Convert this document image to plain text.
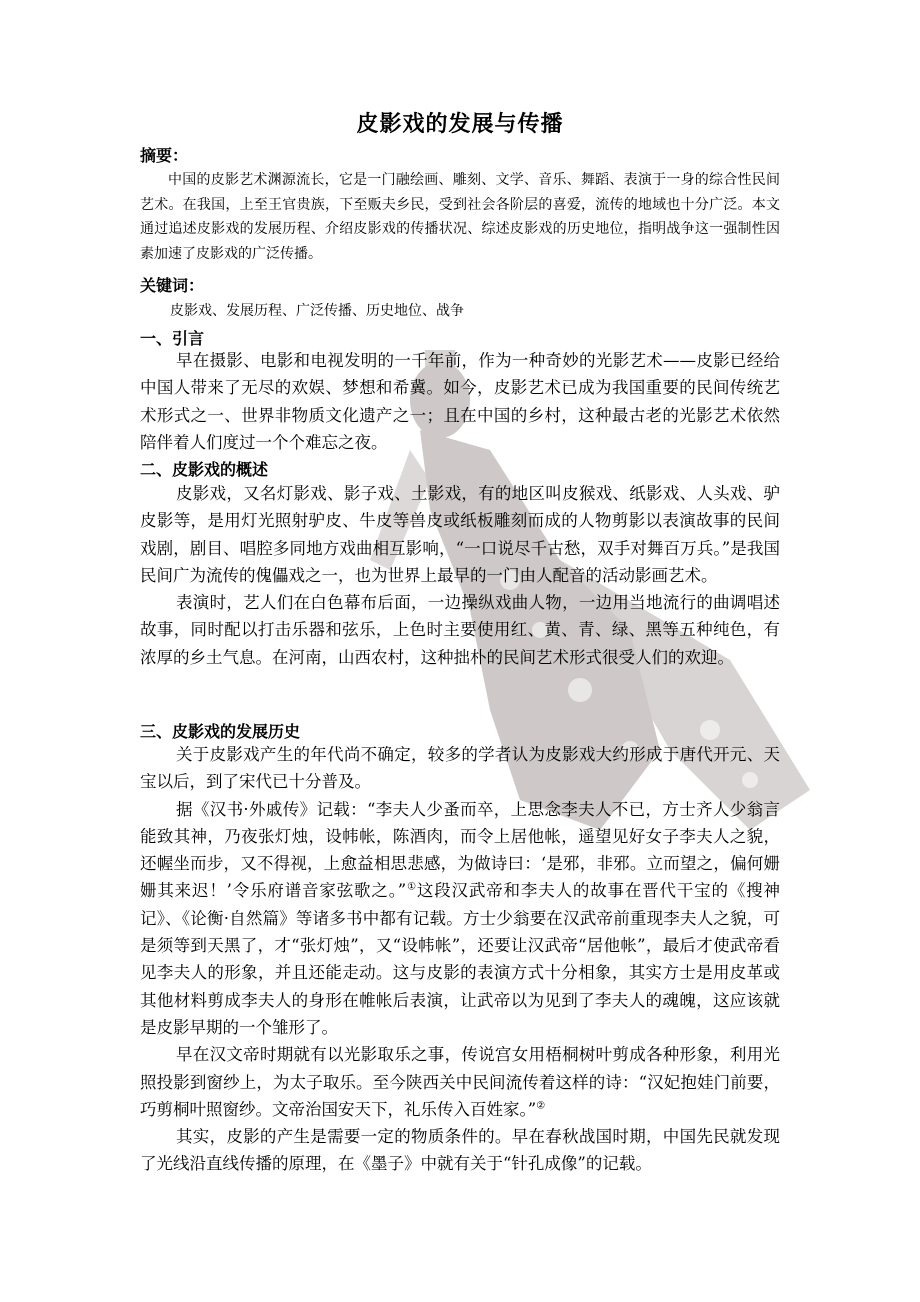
皮影戏的发展与传播
摘要：
中国的皮影艺术渊源流长，它是一门融绘画、雕刻、文学、音乐、舞蹈、表演于一身的综合性民间艺术。在我国，上至王官贵族，下至贩夫乡民，受到社会各阶层的喜爱，流传的地域也十分广泛。本文通过追述皮影戏的发展历程、介绍皮影戏的传播状况、综述皮影戏的历史地位，指明战争这一强制性因素加速了皮影戏的广泛传播。
关键词：
皮影戏、发展历程、广泛传播、历史地位、战争
一、引言

早在摄影、电影和电视发明的一千年前，作为一种奇妙的光影艺术——皮影已经给中国人带来了无尽的欢娱、梦想和希冀。如今，皮影艺术已成为我国重要的民间传统艺术形式之一、世界非物质文化遗产之一；且在中国的乡村，这种最古老的光影艺术依然陪伴着人们度过一个个难忘之夜。

二、皮影戏的概述

皮影戏，又名灯影戏、影子戏、土影戏，有的地区叫皮猴戏、纸影戏、人头戏、驴皮影等，是用灯光照射驴皮、牛皮等兽皮或纸板雕刻而成的人物剪影以表演故事的民间戏剧，剧目、唱腔多同地方戏曲相互影响，“一口说尽千古愁，双手对舞百万兵。”是我国民间广为流传的傀儡戏之一，也为世界上最早的一门由人配音的活动影画艺术。

表演时，艺人们在白色幕布后面，一边操纵戏曲人物，一边用当地流行的曲调唱述故事，同时配以打击乐器和弦乐，上色时主要使用红、黄、青、绿、黑等五种纯色，有浓厚的乡土气息。在河南，山西农村，这种拙朴的民间艺术形式很受人们的欢迎。

三、皮影戏的发展历史

关于皮影戏产生的年代尚不确定，较多的学者认为皮影戏大约形成于唐代开元、天宝以后，到了宋代已十分普及。

据《汉书·外戚传》记载：“李夫人少蚤而卒，上思念李夫人不已，方士齐人少翁言能致其神，乃夜张灯烛，设帏帐，陈酒肉，而令上居他帐，遥望见好女子李夫人之貌，还幄坐而步，又不得视，上愈益相思悲感，为做诗曰：‘是邪，非邪。立而望之，偏何姗姗其来迟！’令乐府谱音家弦歌之。”①这段汉武帝和李夫人的故事在晋代干宝的《搜神记》、《论衡·自然篇》等诸多书中都有记载。方士少翁要在汉武帝前重现李夫人之貌，可是须等到天黑了，才“张灯烛”，又“设帏帐”，还要让汉武帝“居他帐”，最后才使武帝看见李夫人的形象，并且还能走动。这与皮影的表演方式十分相象，其实方士是用皮革或其他材料剪成李夫人的身形在帷帐后表演，让武帝以为见到了李夫人的魂魄，这应该就是皮影早期的一个雏形了。

早在汉文帝时期就有以光影取乐之事，传说宫女用梧桐树叶剪成各种形象，利用光照投影到窗纱上，为太子取乐。至今陕西关中民间流传着这样的诗：“汉妃抱娃门前要，巧剪桐叶照窗纱。文帝治国安天下，礼乐传入百姓家。”②

其实，皮影的产生是需要一定的物质条件的。早在春秋战国时期，中国先民就发现了光线沿直线传播的原理，在《墨子》中就有关于“针孔成像”的记载。
